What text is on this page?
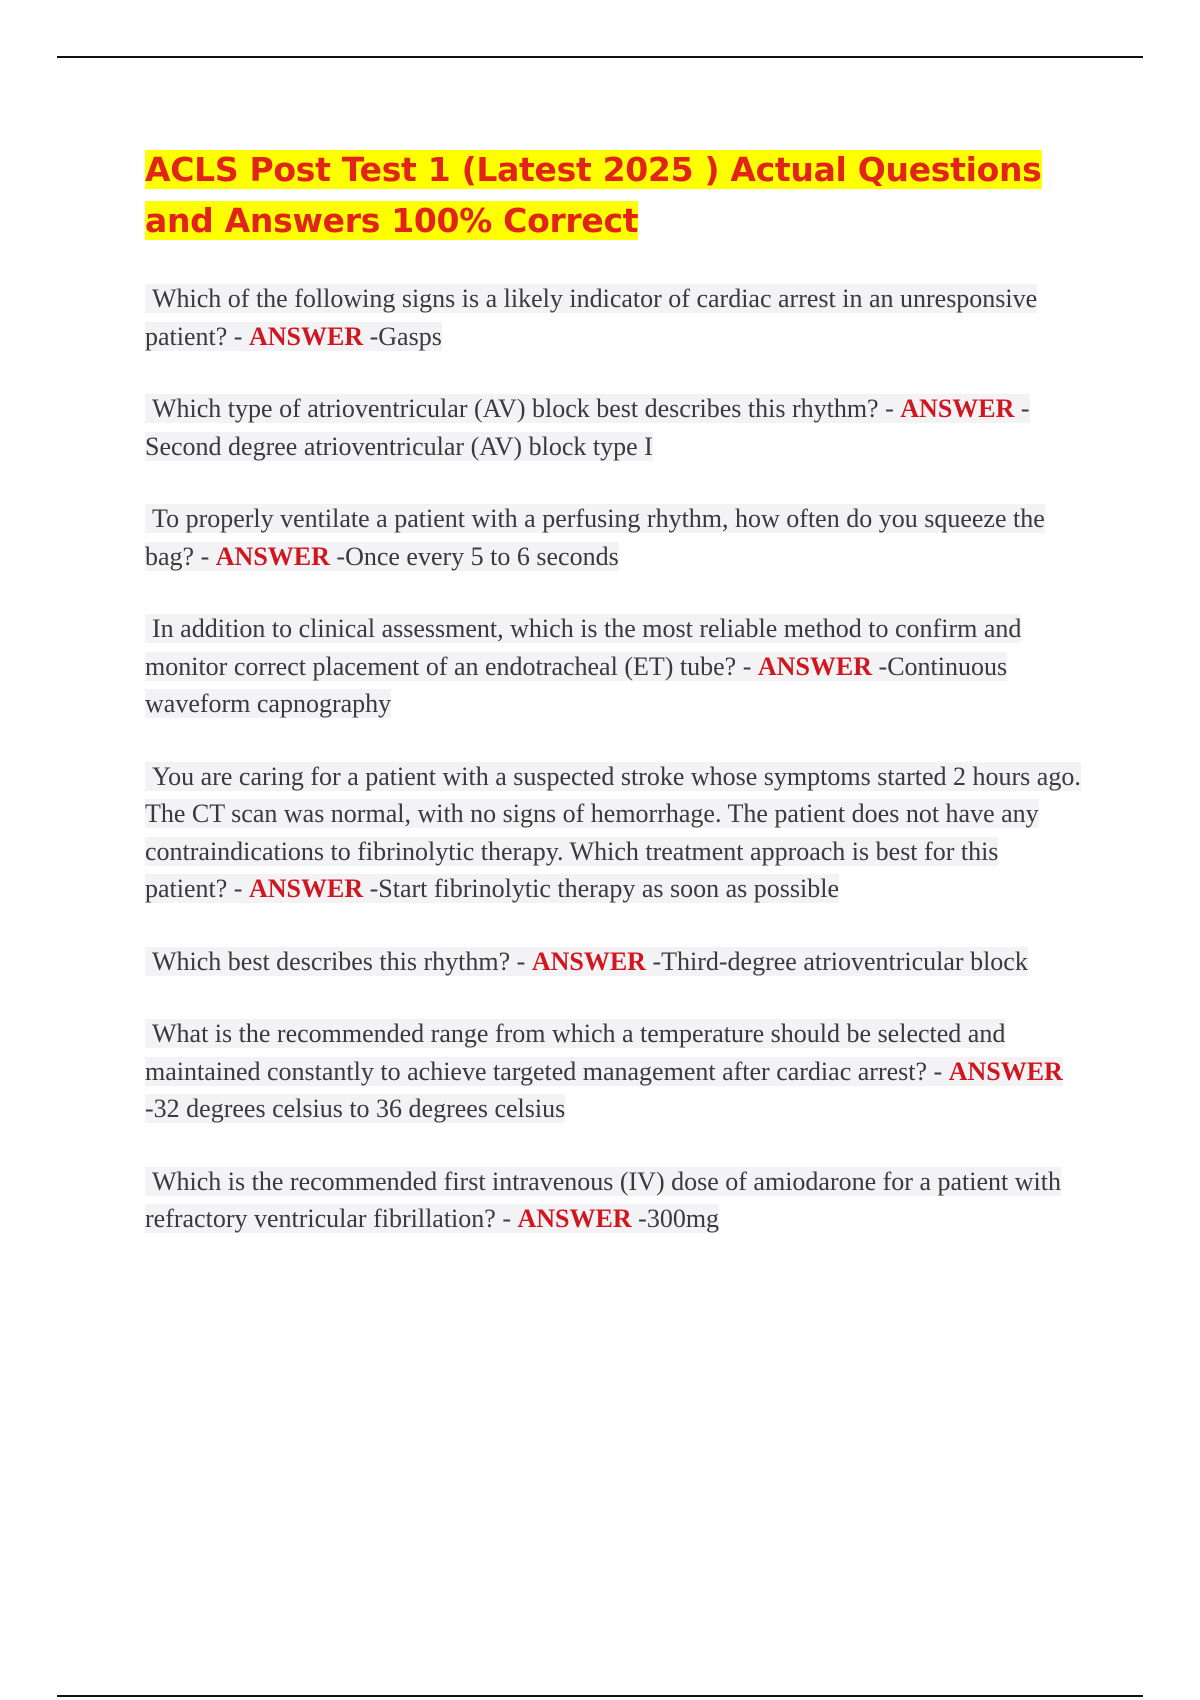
ACLS Post Test 1 (Latest 2025 ) Actual Questions and Answers 100% Correct

Which of the following signs is a likely indicator of cardiac arrest in an unresponsive patient? - ANSWER -Gasps

Which type of atrioventricular (AV) block best describes this rhythm? - ANSWER -Second degree atrioventricular (AV) block type I

To properly ventilate a patient with a perfusing rhythm, how often do you squeeze the bag? - ANSWER -Once every 5 to 6 seconds

In addition to clinical assessment, which is the most reliable method to confirm and monitor correct placement of an endotracheal (ET) tube? - ANSWER -Continuous waveform capnography

You are caring for a patient with a suspected stroke whose symptoms started 2 hours ago. The CT scan was normal, with no signs of hemorrhage. The patient does not have any contraindications to fibrinolytic therapy. Which treatment approach is best for this patient? - ANSWER -Start fibrinolytic therapy as soon as possible

Which best describes this rhythm? - ANSWER -Third-degree atrioventricular block

What is the recommended range from which a temperature should be selected and maintained constantly to achieve targeted management after cardiac arrest? - ANSWER -32 degrees celsius to 36 degrees celsius

Which is the recommended first intravenous (IV) dose of amiodarone for a patient with refractory ventricular fibrillation? - ANSWER -300mg
